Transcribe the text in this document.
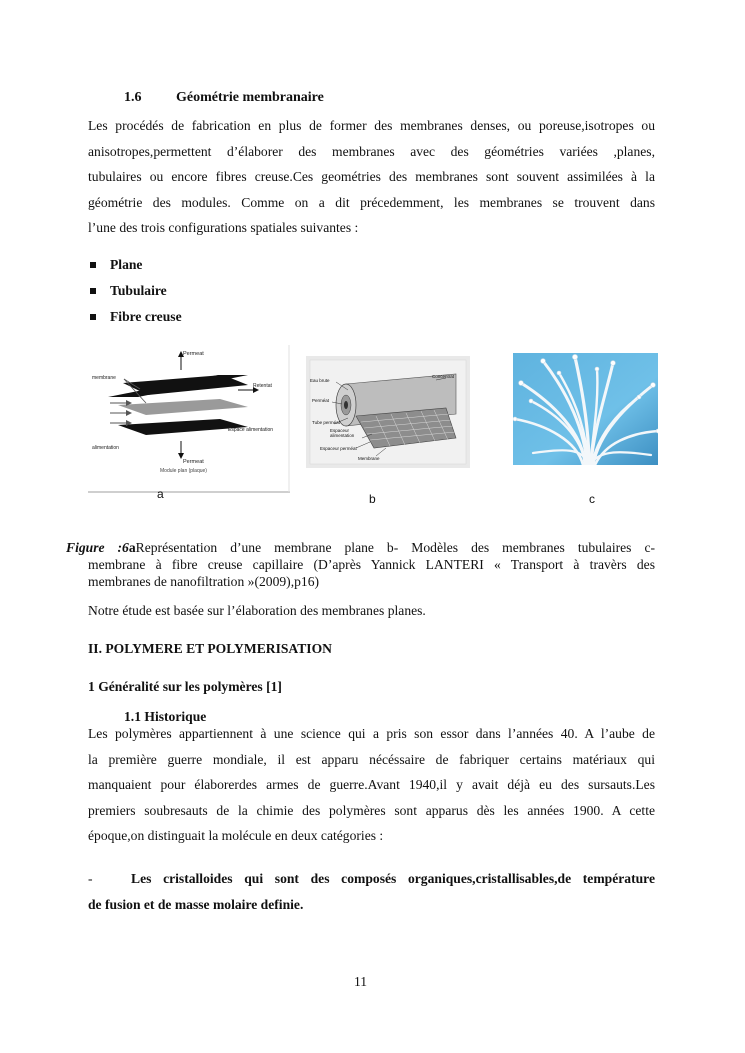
1.6 Géométrie membranaire
Les procédés de fabrication en plus de former des membranes denses, ou poreuse,isotropes ou
anisotropes,permettent d’élaborer des membranes avec des géométries variées ,planes,
tubulaires ou encore fibres creuse.Ces geométries des membranes sont souvent assimilées à la
géométrie des modules. Comme on a dit précedemment, les membranes se trouvent dans
l’une des trois configurations spatiales suivantes :
Plane
Tubulaire
Fibre creuse
Permeat
membrane
Retentat
Espace alimentation
alimentation
Permeat
Module plan (plaque)
Eau brute
Concentrat
Perméat
Tube perméat
Espaceur
alimentation
Espaceur perméat
Membrane
a	b	c
Figure :6aReprésentation d’une membrane plane b- Modèles des membranes tubulaires c-
membrane à fibre creuse capillaire (D’après Yannick LANTERI « Transport à travèrs des
membranes de nanofiltration »(2009),p16)
Notre étude est basée sur l’élaboration des membranes planes.
II. POLYMERE ET POLYMERISATION
1 Généralité sur les polymères [1]
1.1 Historique
Les polymères appartiennent à une science qui a pris son essor dans l’années 40. A l’aube de
la première guerre mondiale, il est apparu nécéssaire de fabriquer certains matériaux qui
manquaient pour élaborerdes armes de guerre.Avant 1940,il y avait déjà eu des sursauts.Les
premiers soubresauts de la chimie des polymères sont apparus dès les années 1900. A cette
époque,on distinguait la molécule en deux catégories :
-	Les cristalloides qui sont des composés organiques,cristallisables,de température
de fusion et de masse molaire definie.
11
